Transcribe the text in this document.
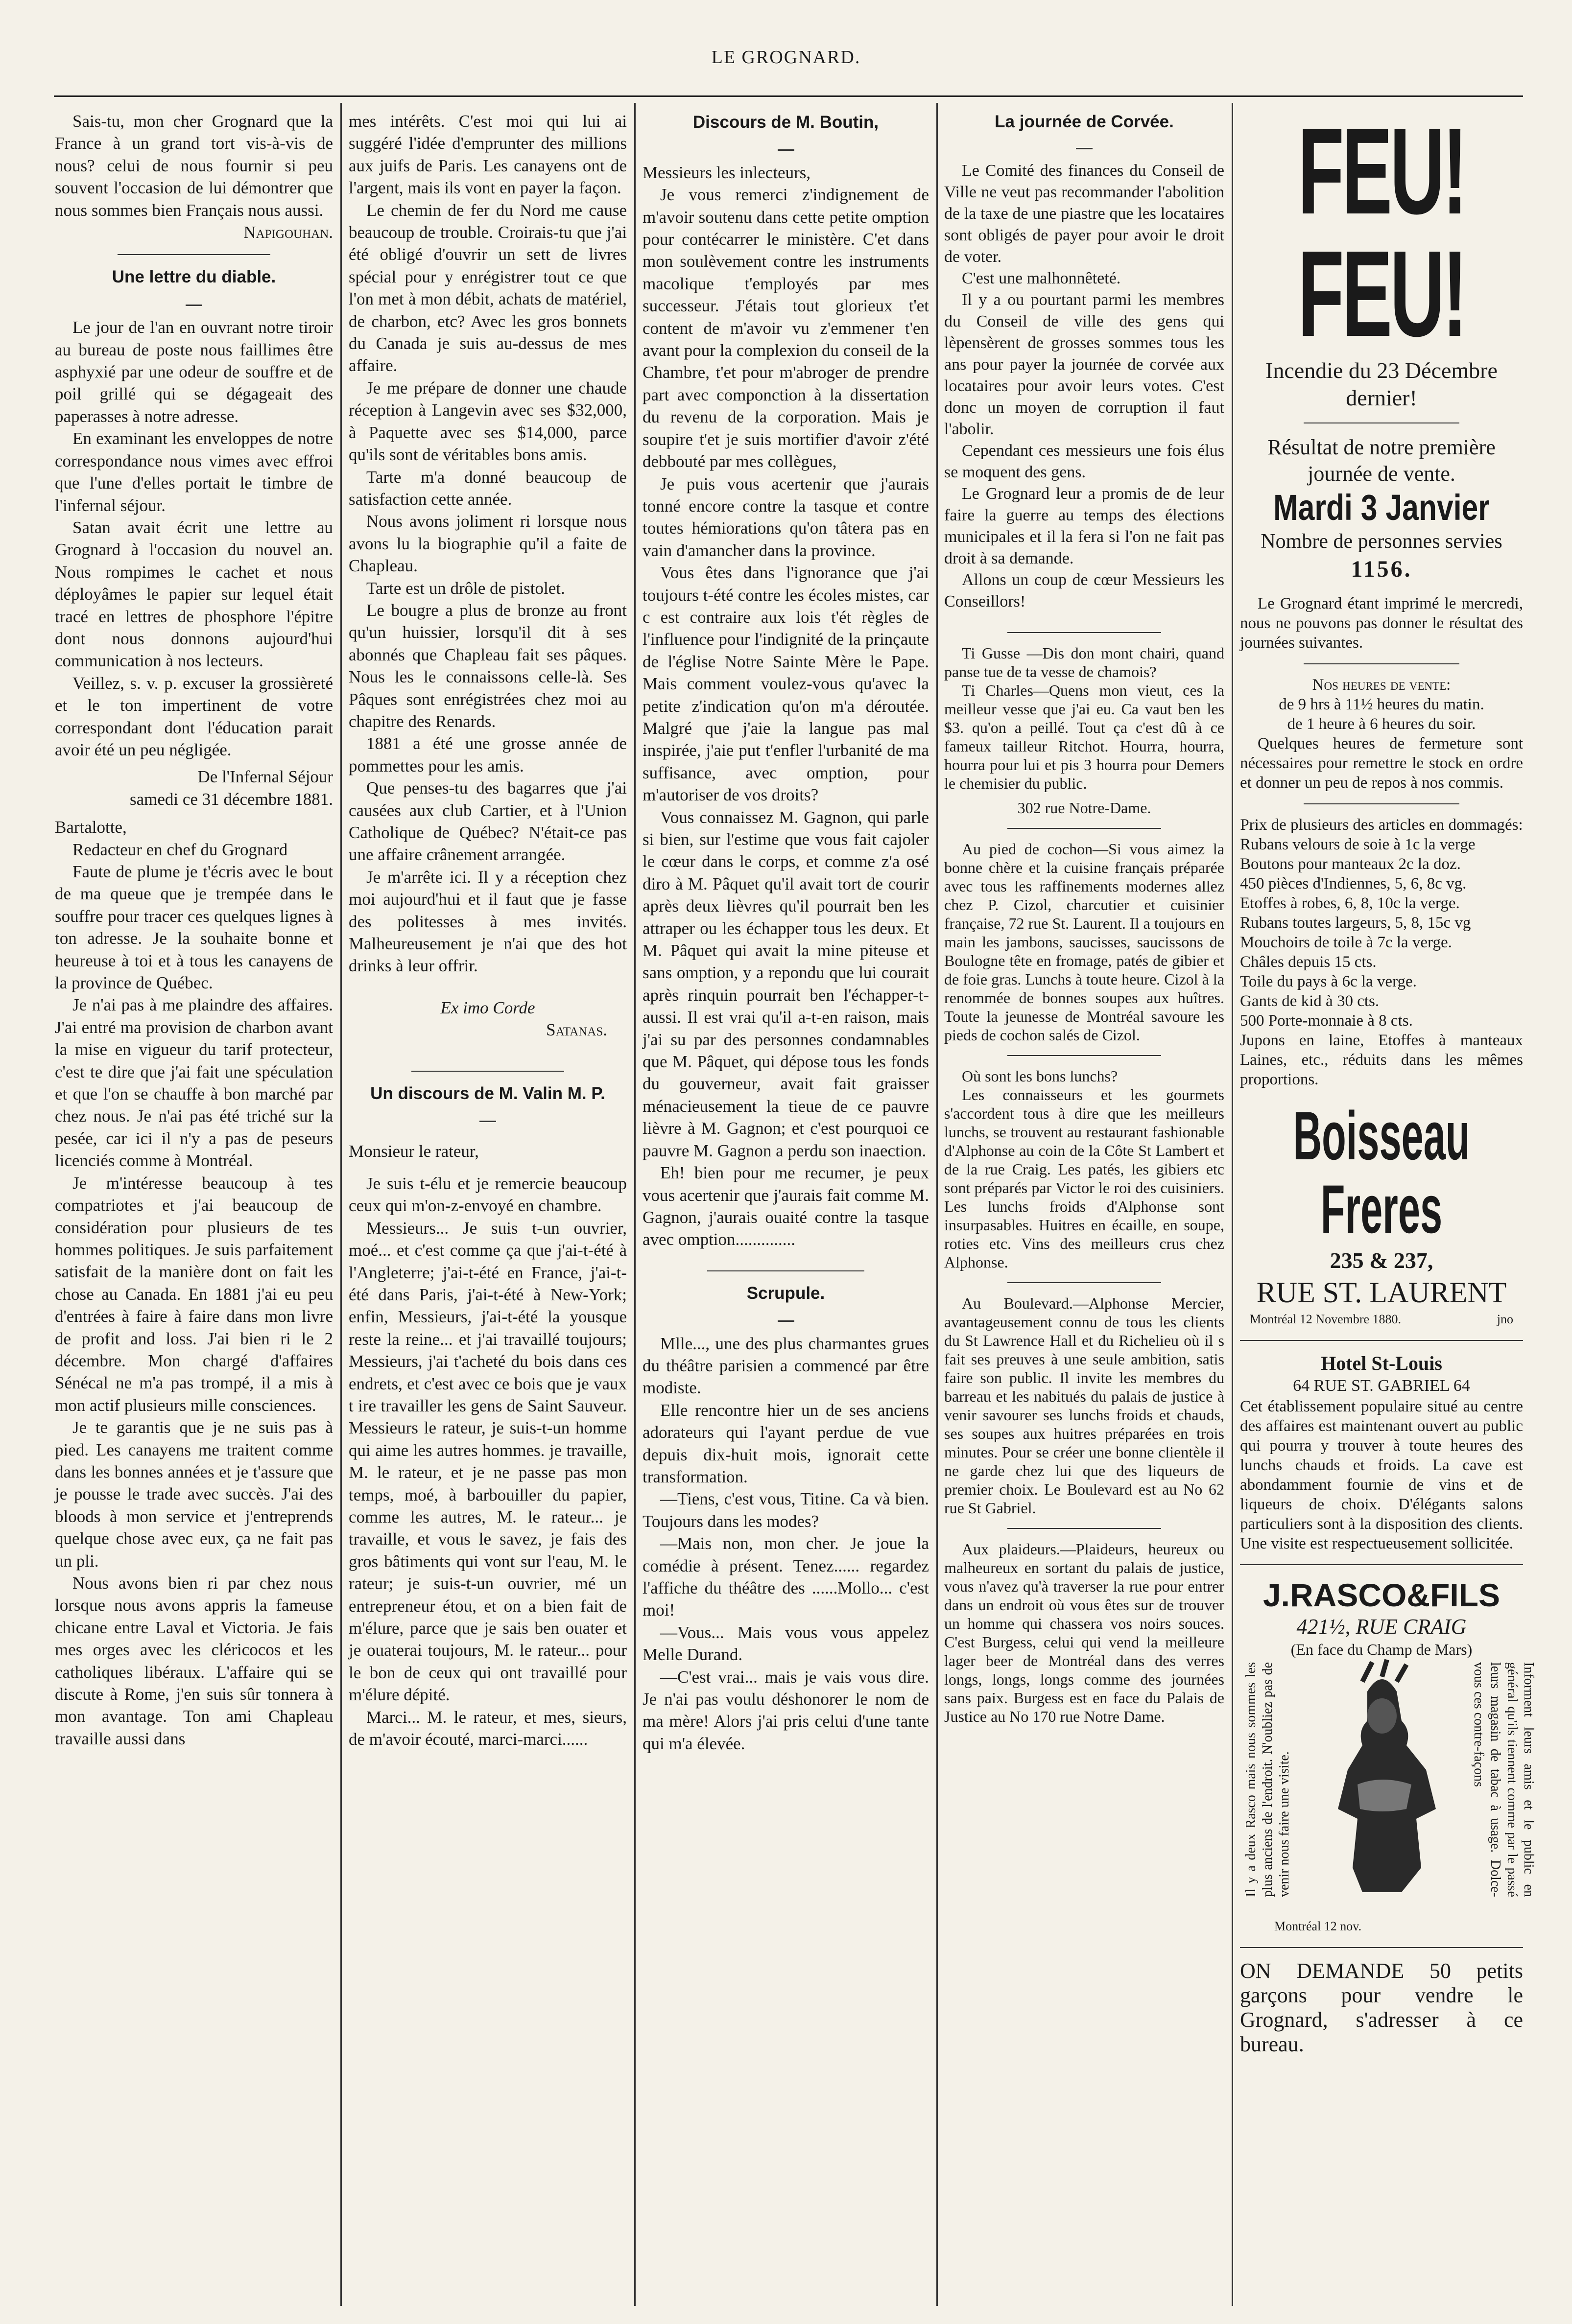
LE GROGNARD.

Sais-tu, mon cher Grognard que la France à un grand tort vis-à-vis de nous? celui de nous fournir si peu souvent l'occasion de lui démontrer que nous sommes bien Français nous aussi.

Napigouhan.

Une lettre du diable.

Le jour de l'an en ouvrant notre tiroir au bureau de poste nous faillimes être asphyxié par une odeur de souffre et de poil grillé qui se dégageait des paperasses à notre adresse.

En examinant les enveloppes de notre correspondance nous vimes avec effroi que l'une d'elles portait le timbre de l'infernal séjour.

Satan avait écrit une lettre au Grognard à l'occasion du nouvel an. Nous rompimes le cachet et nous déployâmes le papier sur lequel était tracé en lettres de phosphore l'épitre dont nous donnons aujourd'hui communication à nos lecteurs.

Veillez, s. v. p. excuser la grossièreté et le ton impertinent de votre correspondant dont l'éducation parait avoir été un peu négligée.

De l'Infernal Séjour

samedi ce 31 décembre 1881.

Bartalotte,

Redacteur en chef du Grognard

Faute de plume je t'écris avec le bout de ma queue que je trempée dans le souffre pour tracer ces quelques lignes à ton adresse. Je la souhaite bonne et heureuse à toi et à tous les canayens de la province de Québec.

Je n'ai pas à me plaindre des affaires. J'ai entré ma provision de charbon avant la mise en vigueur du tarif protecteur, c'est te dire que j'ai fait une spéculation et que l'on se chauffe à bon marché par chez nous. Je n'ai pas été triché sur la pesée, car ici il n'y a pas de peseurs licenciés comme à Montréal.

Je m'intéresse beaucoup à tes compatriotes et j'ai beaucoup de considération pour plusieurs de tes hommes politiques. Je suis parfaitement satisfait de la manière dont on fait les chose au Canada. En 1881 j'ai eu peu d'entrées à faire à faire dans mon livre de profit and loss. J'ai bien ri le 2 décembre. Mon chargé d'affaires Sénécal ne m'a pas trompé, il a mis à mon actif plusieurs mille consciences.

Je te garantis que je ne suis pas à pied. Les canayens me traitent comme dans les bonnes années et je t'assure que je pousse le trade avec succès. J'ai des bloods à mon service et j'entreprends quelque chose avec eux, ça ne fait pas un pli.

Nous avons bien ri par chez nous lorsque nous avons appris la fameuse chicane entre Laval et Victoria. Je fais mes orges avec les cléricocos et les catholiques libéraux. L'affaire qui se discute à Rome, j'en suis sûr tonnera à mon avantage. Ton ami Chapleau travaille aussi dans

mes intérêts. C'est moi qui lui ai suggéré l'idée d'emprunter des millions aux juifs de Paris. Les canayens ont de l'argent, mais ils vont en payer la façon.

Le chemin de fer du Nord me cause beaucoup de trouble. Croirais-tu que j'ai été obligé d'ouvrir un sett de livres spécial pour y enrégistrer tout ce que l'on met à mon débit, achats de matériel, de charbon, etc? Avec les gros bonnets du Canada je suis au-dessus de mes affaire.

Je me prépare de donner une chaude réception à Langevin avec ses $32,000, à Paquette avec ses $14,000, parce qu'ils sont de véritables bons amis.

Tarte m'a donné beaucoup de satisfaction cette année.

Nous avons joliment ri lorsque nous avons lu la biographie qu'il a faite de Chapleau.

Tarte est un drôle de pistolet.

Le bougre a plus de bronze au front qu'un huissier, lorsqu'il dit à ses abonnés que Chapleau fait ses pâques. Nous les le connaissons celle-là. Ses Pâques sont enrégistrées chez moi au chapitre des Renards.

1881 a été une grosse année de pommettes pour les amis.

Que penses-tu des bagarres que j'ai causées aux club Cartier, et à l'Union Catholique de Québec? N'était-ce pas une affaire crânement arrangée.

Je m'arrête ici. Il y a réception chez moi aujourd'hui et il faut que je fasse des politesses à mes invités. Malheureusement je n'ai que des hot drinks à leur offrir.

Ex imo Corde

Satanas.

Un discours de M. Valin M. P.

Monsieur le rateur,

Je suis t-élu et je remercie beaucoup ceux qui m'on-z-envoyé en chambre.

Messieurs... Je suis t-un ouvrier, moé... et c'est comme ça que j'ai-t-été à l'Angleterre; j'ai-t-été en France, j'ai-t-été dans Paris, j'ai-t-été à New-York; enfin, Messieurs, j'ai-t-été la yousque reste la reine... et j'ai travaillé toujours; Messieurs, j'ai t'acheté du bois dans ces endrets, et c'est avec ce bois que je vaux t ire travailler les gens de Saint Sauveur. Messieurs le rateur, je suis-t-un homme qui aime les autres hommes. je travaille, M. le rateur, et je ne passe pas mon temps, moé, à barbouiller du papier, comme les autres, M. le rateur... je travaille, et vous le savez, je fais des gros bâtiments qui vont sur l'eau, M. le rateur; je suis-t-un ouvrier, mé un entrepreneur étou, et on a bien fait de m'élure, parce que je sais ben ouater et je ouaterai toujours, M. le rateur... pour le bon de ceux qui ont travaillé pour m'élure dépité.

Marci... M. le rateur, et mes, sieurs, de m'avoir écouté, marci-marci......

Discours de M. Boutin,

Messieurs les inlecteurs,

Je vous remerci z'indignement de m'avoir soutenu dans cette petite omption pour contécarrer le ministère. C'et dans mon soulèvement contre les instruments macolique t'employés par mes successeur. J'étais tout glorieux t'et content de m'avoir vu z'emmener t'en avant pour la complexion du conseil de la Chambre, t'et pour m'abroger de prendre part avec componction à la dissertation du revenu de la corporation. Mais je soupire t'et je suis mortifier d'avoir z'été debbouté par mes collègues,

Je puis vous acertenir que j'aurais tonné encore contre la tasque et contre toutes hémiorations qu'on tâtera pas en vain d'amancher dans la province.

Vous êtes dans l'ignorance que j'ai toujours t-été contre les écoles mistes, car c est contraire aux lois t'ét règles de l'influence pour l'indignité de la prinçaute de l'église Notre Sainte Mère le Pape. Mais comment voulez-vous qu'avec la petite z'indication qu'on m'a déroutée. Malgré que j'aie la langue pas mal inspirée, j'aie put t'enfler l'urbanité de ma suffisance, avec omption, pour m'autoriser de vos droits?

Vous connaissez M. Gagnon, qui parle si bien, sur l'estime que vous fait cajoler le cœur dans le corps, et comme z'a osé diro à M. Pâquet qu'il avait tort de courir après deux lièvres qu'il pourrait ben les attraper ou les échapper tous les deux. Et M. Pâquet qui avait la mine piteuse et sans omption, y a repondu que lui courait après rinquin pourrait ben l'échapper-t-aussi. Il est vrai qu'il a-t-en raison, mais j'ai su par des personnes condamnables que M. Pâquet, qui dépose tous les fonds du gouverneur, avait fait graisser ménacieusement la tieue de ce pauvre lièvre à M. Gagnon; et c'est pourquoi ce pauvre M. Gagnon a perdu son inaection.

Eh! bien pour me recumer, je peux vous acertenir que j'aurais fait comme M. Gagnon, j'aurais ouaité contre la tasque avec omption..............

Scrupule.

Mlle..., une des plus charmantes grues du théâtre parisien a commencé par être modiste.

Elle rencontre hier un de ses anciens adorateurs qui l'ayant perdue de vue depuis dix-huit mois, ignorait cette transformation.

—Tiens, c'est vous, Titine. Ca và bien. Toujours dans les modes?

—Mais non, mon cher. Je joue la comédie à présent. Tenez...... regardez l'affiche du théâtre des ......Mollo... c'est moi!

—Vous... Mais vous vous appelez Melle Durand.

—C'est vrai... mais je vais vous dire. Je n'ai pas voulu déshonorer le nom de ma mère! Alors j'ai pris celui d'une tante qui m'a élevée.

La journée de Corvée.

Le Comité des finances du Conseil de Ville ne veut pas recommander l'abolition de la taxe de une piastre que les locataires sont obligés de payer pour avoir le droit de voter.

C'est une malhonnêteté.

Il y a ou pourtant parmi les membres du Conseil de ville des gens qui lèpensèrent de grosses sommes tous les ans pour payer la journée de corvée aux locataires pour avoir leurs votes. C'est donc un moyen de corruption il faut l'abolir.

Cependant ces messieurs une fois élus se moquent des gens.

Le Grognard leur a promis de de leur faire la guerre au temps des élections municipales et il la fera si l'on ne fait pas droit à sa demande.

Allons un coup de cœur Messieurs les Conseillors!

Ti Gusse —Dis don mont chairi, quand panse tue de ta vesse de chamois?

Ti Charles—Quens mon vieut, ces la meilleur vesse que j'ai eu. Ca vaut ben les $3. qu'on a peillé. Tout ça c'est dû à ce fameux tailleur Ritchot. Hourra, hourra, hourra pour lui et pis 3 hourra pour Demers le chemisier du public.

302 rue Notre-Dame.

Au pied de cochon—Si vous aimez la bonne chère et la cuisine français préparée avec tous les raffinements modernes allez chez P. Cizol, charcutier et cuisinier française, 72 rue St. Laurent. Il a toujours en main les jambons, saucisses, saucissons de Boulogne tête en fromage, patés de gibier et de foie gras. Lunchs à toute heure. Cizol à la renommée de bonnes soupes aux huîtres. Toute la jeunesse de Montréal savoure les pieds de cochon salés de Cizol.

Où sont les bons lunchs?

Les connaisseurs et les gourmets s'accordent tous à dire que les meilleurs lunchs, se trouvent au restaurant fashionable d'Alphonse au coin de la Côte St Lambert et de la rue Craig. Les patés, les gibiers etc sont préparés par Victor le roi des cuisiniers. Les lunchs froids d'Alphonse sont insurpasables. Huitres en écaille, en soupe, roties etc. Vins des meilleurs crus chez Alphonse.

Au Boulevard.—Alphonse Mercier, avantageusement connu de tous les clients du St Lawrence Hall et du Richelieu où il s fait ses preuves à une seule ambition, satis faire son public. Il invite les membres du barreau et les nabitués du palais de justice à venir savourer ses lunchs froids et chauds, ses soupes aux huitres préparées en trois minutes. Pour se créer une bonne clientèle il ne garde chez lui que des liqueurs de premier choix. Le Boulevard est au No 62 rue St Gabriel.

Aux plaideurs.—Plaideurs, heureux ou malheureux en sortant du palais de justice, vous n'avez qu'à traverser la rue pour entrer dans un endroit où vous êtes sur de trouver un homme qui chassera vos noirs souces. C'est Burgess, celui qui vend la meilleure lager beer de Montréal dans des verres longs, longs, longs comme des journées sans paix. Burgess est en face du Palais de Justice au No 170 rue Notre Dame.

FEU! FEU!
Incendie du 23 Décembre dernier!
Résultat de notre première journée de vente.
Mardi 3 Janvier
Nombre de personnes servies
1156.

Le Grognard étant imprimé le mercredi, nous ne pouvons pas donner le résultat des journées suivantes.

Nos heures de vente:
de 9 hrs à 11½ heures du matin.
de 1 heure à 6 heures du soir.

Quelques heures de fermeture sont nécessaires pour remettre le stock en ordre et donner un peu de repos à nos commis.

Prix de plusieurs des articles en dommagés:
Rubans velours de soie à 1c la verge
Boutons pour manteaux 2c la doz.
450 pièces d'Indiennes, 5, 6, 8c vg.
Etoffes à robes, 6, 8, 10c la verge.
Rubans toutes largeurs, 5, 8, 15c vg
Mouchoirs de toile à 7c la verge.
Châles depuis 15 cts.
Toile du pays à 6c la verge.
Gants de kid à 30 cts.
500 Porte-monnaie à 8 cts.
Jupons en laine, Etoffes à manteaux Laines, etc., réduits dans les mêmes proportions.
Boisseau Freres
235 & 237,
RUE ST. LAURENT
Montréal 12 Novembre 1880.	jno
Hotel St-Louis
64 RUE ST. GABRIEL 64

Cet établissement populaire situé au centre des affaires est maintenant ouvert au public qui pourra y trouver à toute heures des lunchs chauds et froids. La cave est abondamment fournie de vins et de liqueurs de choix. D'élégants salons particuliers sont à la disposition des clients. Une visite est respectueusement sollicitée.

J.RASCO&FILS
421½, RUE CRAIG
(En face du Champ de Mars)
Il y a deux Rasco mais nous sommes les plus anciens de l'endroit. N'oubliez pas de venir nous faire une visite.	Informent leurs amis et le public en général qu'ils tiennent comme par le passé leurs magasin de tabac à usage. Dolce-vous ces contre-façons
Montréal 12 nov.

ON DEMANDE 50 petits garçons pour vendre le Grognard, s'adresser à ce bureau.
